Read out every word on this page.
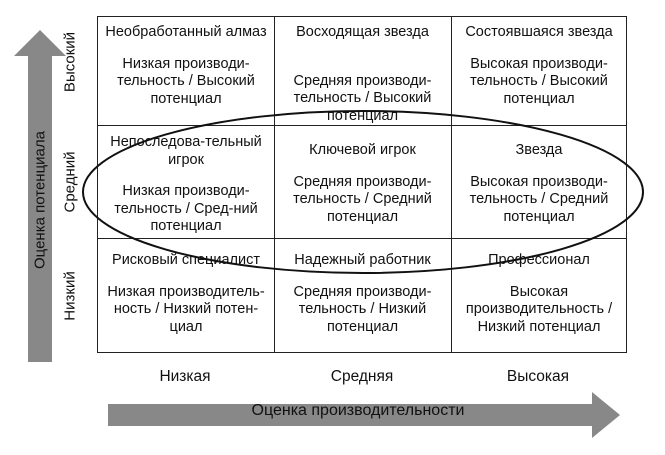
Оценка потенциала
Высокий
Средний
Низкий
Необработанный алмаз
Низкая производи-тельность / Высокий потенциал
Восходящая звезда
Средняя производи-тельность / Высокий потенциал
Состоявшаяся звезда
Высокая производи-тельность / Высокий потенциал
Непоследова-тельный игрок
Низкая производи-тельность / Сред-ний потенциал
Ключевой игрок
Средняя производи-тельность / Средний потенциал
Звезда
Высокая производи-тельность / Средний потенциал
Рисковый специалист
Низкая производитель-ность / Низкий потен-циал
Надежный работник
Средняя производи-тельность / Низкий потенциал
Профессионал
Высокая производительность / Низкий потенциал
Низкая	Средняя	Высокая
Оценка производительности
